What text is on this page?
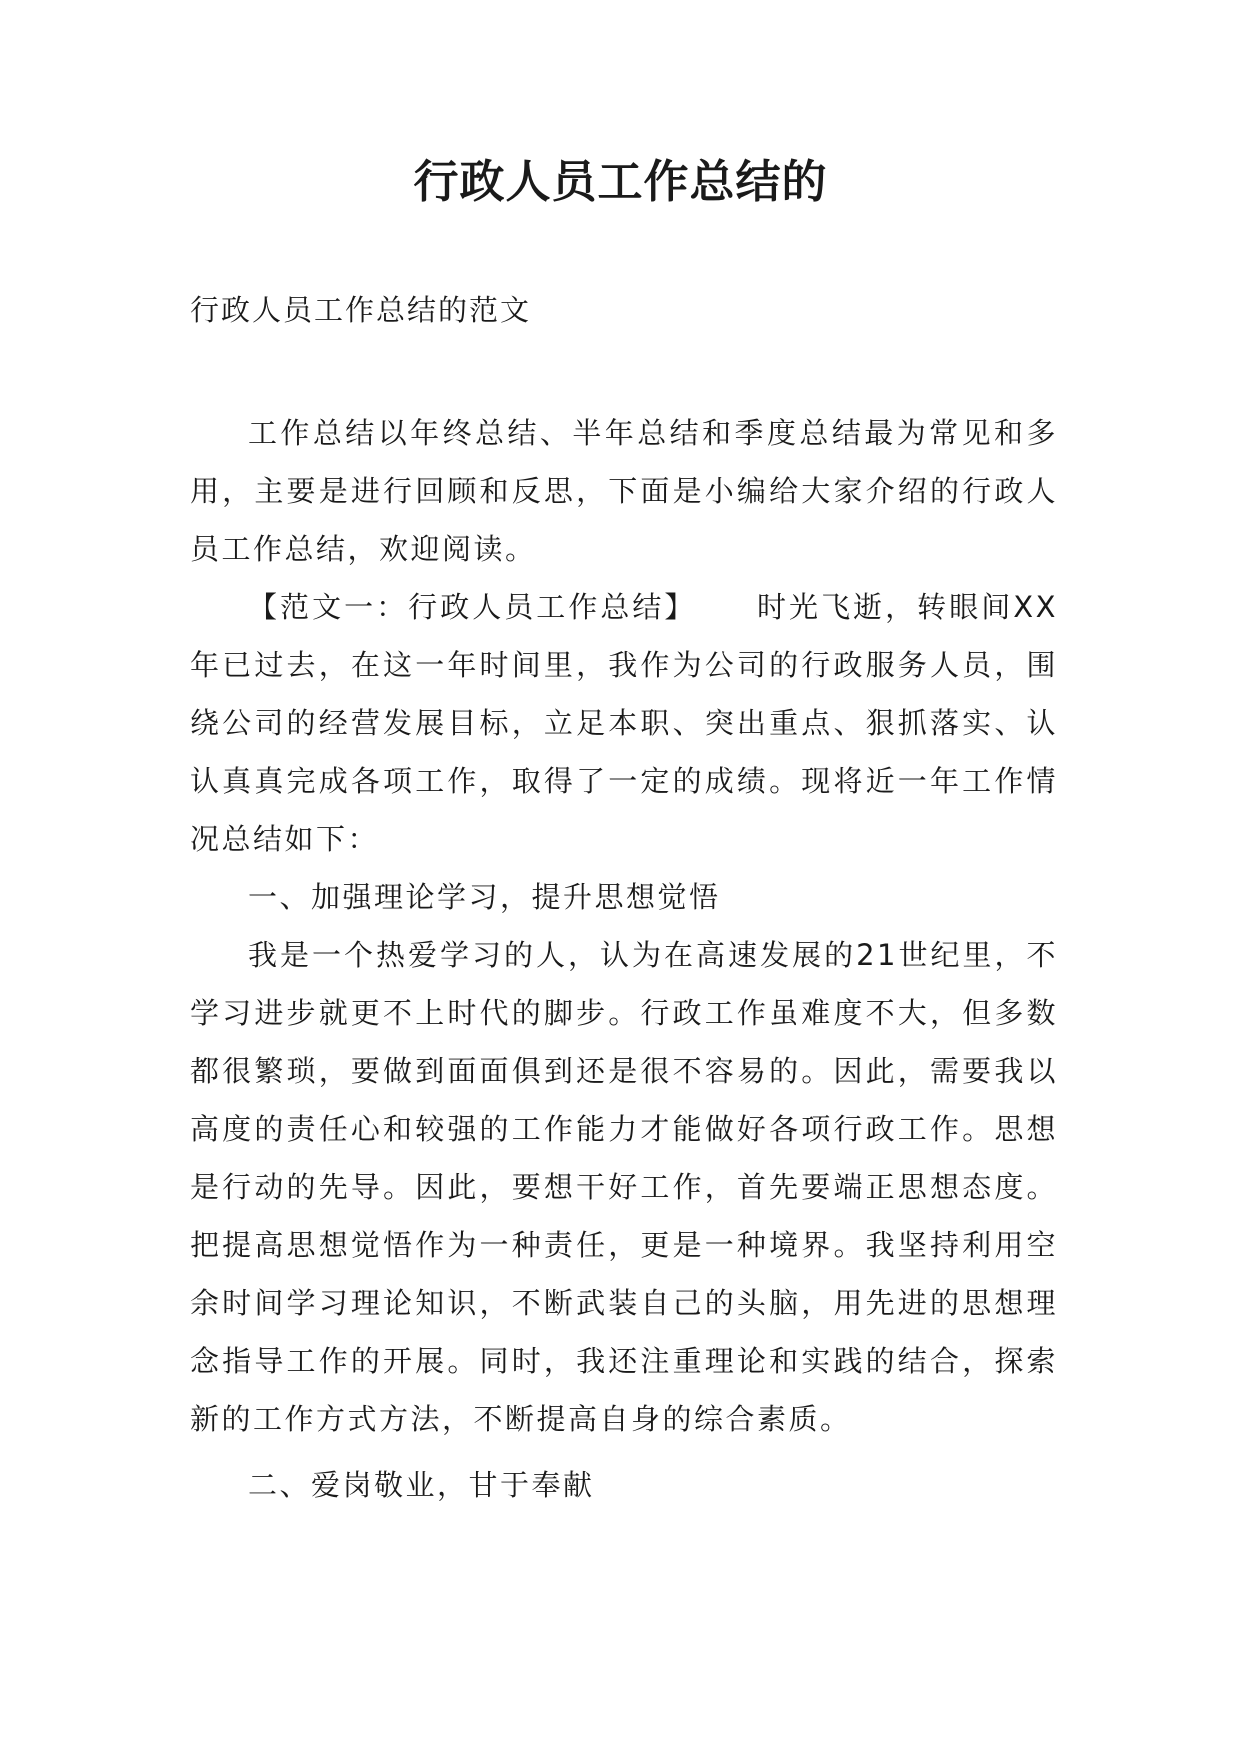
行政人员工作总结的

行政人员工作总结的范文

工作总结以年终总结、半年总结和季度总结最为常见和多用，主要是进行回顾和反思，下面是小编给大家介绍的行政人员工作总结，欢迎阅读。

【范文一：行政人员工作总结】 时光飞逝，转眼间XX年已过去，在这一年时间里，我作为公司的行政服务人员，围绕公司的经营发展目标，立足本职、突出重点、狠抓落实、认认真真完成各项工作，取得了一定的成绩。现将近一年工作情况总结如下：

一、加强理论学习，提升思想觉悟

我是一个热爱学习的人，认为在高速发展的21世纪里，不学习进步就更不上时代的脚步。行政工作虽难度不大，但多数都很繁琐，要做到面面俱到还是很不容易的。因此，需要我以高度的责任心和较强的工作能力才能做好各项行政工作。思想是行动的先导。因此，要想干好工作，首先要端正思想态度。把提高思想觉悟作为一种责任，更是一种境界。我坚持利用空余时间学习理论知识，不断武装自己的头脑，用先进的思想理念指导工作的开展。同时，我还注重理论和实践的结合，探索新的工作方式方法，不断提高自身的综合素质。

二、爱岗敬业，甘于奉献
